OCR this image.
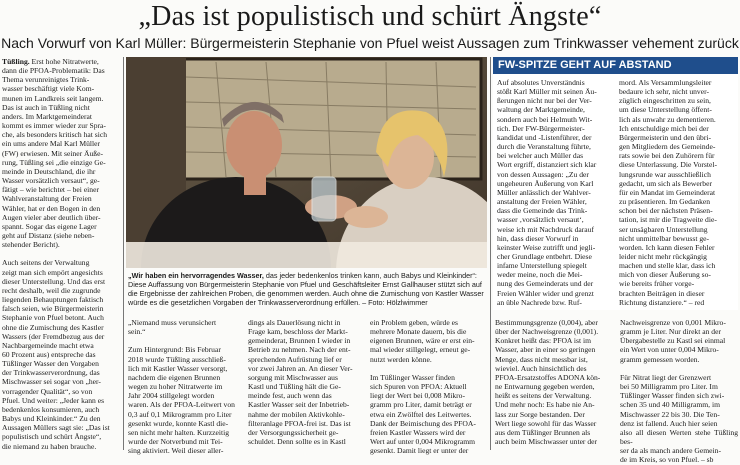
„Das ist populistisch und schürt Ängste“
Nach Vorwurf von Karl Müller: Bürgermeisterin Stephanie von Pfuel weist Aussagen zum Trinkwasser vehement zurück

Tüßling. Erst hohe Nitratwerte,
dann die PFOA-Problematik: Das
Thema verunreinigtes Trink-
wasser beschäftigt viele Kom-
munen im Landkreis seit langem.
Das ist auch in Tüßling nicht
anders. Im Marktgemeinderat
kommt es immer wieder zur Spra-
che, als besonders kritisch hat sich
ein ums andere Mal Karl Müller
(FW) erwiesen. Mit seiner Äuße-
rung, Tüßling sei „die einzige Ge-
meinde in Deutschland, die ihr
Wasser vorsätzlich versaut“, ge-
fätigt – wie berichtet – bei einer
Wahlveranstaltung der Freien
Wähler, hat er den Bogen in den
Augen vieler aber deutlich über-
spannt. Sogar das eigene Lager
geht auf Distanz (siehe neben-
stehender Bericht).

Auch seitens der Verwaltung
zeigt man sich empört angesichts
dieser Unterstellung. Und das erst
recht deshalb, weil die zugrunde
liegenden Behauptungen faktisch
falsch seien, wie Bürgermeisterin
Stephanie von Pfuel betont. Auch
ohne die Zumischung des Kastler
Wassers (der Fremdbezug aus der
Nachbargemeinde macht etwa
60 Prozent aus) entspreche das
Tüßlinger Wasser den Vorgaben
der Trinkwasserverordnung, das
Mischwasser sei sogar von „her-
vorragender Qualität“, so von
Pfuel. Und weiter: „Jeder kann es
bedenkenlos konsumieren, auch
Babys und Kleinkinder.“ Zu den
Aussagen Müllers sagt sie: „Das ist
populistisch und schürt Ängste“,
die niemand zu haben brauche.

„Wir haben ein hervorragendes Wasser, das jeder bedenkenlos trinken kann, auch Babys und Kleinkinder“: Diese Auffassung von Bürgermeisterin Stephanie von Pfuel und Geschäftsleiter Ernst Gallhauser stützt sich auf die Ergebnisse der zahlreichen Proben, die genommen werden. Auch ohne die Zumischung von Kastler Wasser würde es die gesetzlichen Vorgaben der Trinkwasserverordnung erfüllen. – Foto: Hölzlwimmer

„Niemand muss verunsichert
sein.“

Zum Hintergrund: Bis Februar
2018 wurde Tüßling ausschließ-
lich mit Kastler Wasser versorgt,
nachdem die eigenen Brunnen
wegen zu hoher Nitratwerte im
Jahr 2004 stillgelegt worden
waren. Als der PFOA-Leitwert von
0,3 auf 0,1 Mikrogramm pro Liter
gesenkt wurde, konnte Kastl die-
sen nicht mehr halten. Kurzzeitig
wurde der Notverbund mit Tei-
sing aktiviert. Weil dieser aller-

dings als Dauerlösung nicht in
Frage kam, beschloss der Markt-
gemeinderat, Brunnen I wieder in
Betrieb zu nehmen. Nach der ent-
sprechenden Aufrüstung lief er
vor zwei Jahren an. An dieser Ver-
sorgung mit Mischwasser aus
Kastl und Tüßling hält die Ge-
meinde fest, auch wenn das
Kastler Wasser seit der Inbetrieb-
nahme der mobilen Aktivkohle-
filteranlage PFOA-frei ist. Das ist
der Versorgungssicherheit ge-
schuldet. Denn sollte es in Kastl

ein Problem geben, würde es
mehrere Monate dauern, bis die
eigenen Brunnen, wäre er erst ein-
mal wieder stillgelegt, erneut ge-
nutzt werden könne.

Im Tüßlinger Wasser finden
sich Spuren von PFOA: Aktuell
liegt der Wert bei 0,008 Mikro-
gramm pro Liter, damit beträgt er
etwa ein Zwölftel des Leitwertes.
Dank der Beimischung des PFOA-
freien Kastler Wassers wird der
Wert auf unter 0,004 Mikrogramm
gesenkt. Damit liegt er unter der

FW-SPITZE GEHT AUF ABSTAND

Auf absolutes Unverständnis
stößt Karl Müller mit seinen Äu-
ßerungen nicht nur bei der Ver-
waltung der Marktgemeinde,
sondern auch bei Helmuth Wit-
tich. Der FW-Bürgermeister-
kandidat und -Listenführer, der
durch die Veranstaltung führte,
bei welcher auch Müller das
Wort ergriff, distanziert sich klar
von dessen Aussagen: „Zu der
ungeheuren Äußerung von Karl
Müller anlässlich der Wahlver-
anstaltung der Freien Wähler,
dass die Gemeinde das Trink-
wasser ‚vorsätzlich versaut‘,
weise ich mit Nachdruck darauf
hin, dass dieser Vorwurf in
keinster Weise zutrifft und jegli-
cher Grundlage entbehrt. Diese
infame Unterstellung spiegelt
weder meine, noch die Mei-
nung des Gemeinderats und der
Freien Wähler wider und grenzt
an üble Nachrede bzw. Ruf-

mord. Als Versammlungsleiter
bedaure ich sehr, nicht unver-
züglich eingeschritten zu sein,
um diese Unterstellung öffent-
lich als unwahr zu dementieren.
Ich entschuldige mich bei der
Bürgermeisterin und den übri-
gen Mitgliedern des Gemeinde-
rats sowie bei den Zuhörern für
diese Unterlassung. Die Vorstel-
lungsrunde war ausschließlich
gedacht, um sich als Bewerber
für ein Mandat im Gemeinderat
zu präsentieren. Im Gedanken
schon bei der nächsten Präsen-
tation, ist mir die Tragweite die-
ser unsägbaren Unterstellung
nicht unmittelbar bewusst ge-
worden. Ich kann diesen Fehler
leider nicht mehr rückgängig
machen und stelle klar, dass ich
mich von dieser Äußerung so-
wie bereits früher vorge-
brachten Beiträgen in dieser
Richtung distanziere.“ – red

Bestimmungsgrenze (0,004), aber
über der Nachweisgrenze (0,001).
Konkret heißt das: PFOA ist im
Wasser, aber in einer so geringen
Menge, dass nicht messbar ist,
wieviel. Auch hinsichtlich des
PFOA-Ersatzstoffes ADONA kön-
ne Entwarnung gegeben werden,
heißt es seitens der Verwaltung.
Und mehr noch: Es habe nie An-
lass zur Sorge bestanden. Der
Wert liege sowohl für das Wasser
aus dem Tüßlinger Brunnen als
auch beim Mischwasser unter der

Nachweisgrenze von 0,001 Mikro-
gramm je Liter. Nur direkt an der
Übergabestelle zu Kastl sei einmal
ein Wert von unter 0,004 Mikro-
gramm gemessen worden.

Für Nitrat liegt der Grenzwert
bei 50 Milligramm pro Liter. Im
Tüßlinger Wasser finden sich zwi-
schen 35 und 40 Milligramm, im
Mischwasser 22 bis 30. Die Ten-
denz ist fallend. Auch hier seien
also all diesen Werten stehe Tüßling bes-
ser da als manch andere Gemein-
de im Kreis, so von Pfuel. – sb
